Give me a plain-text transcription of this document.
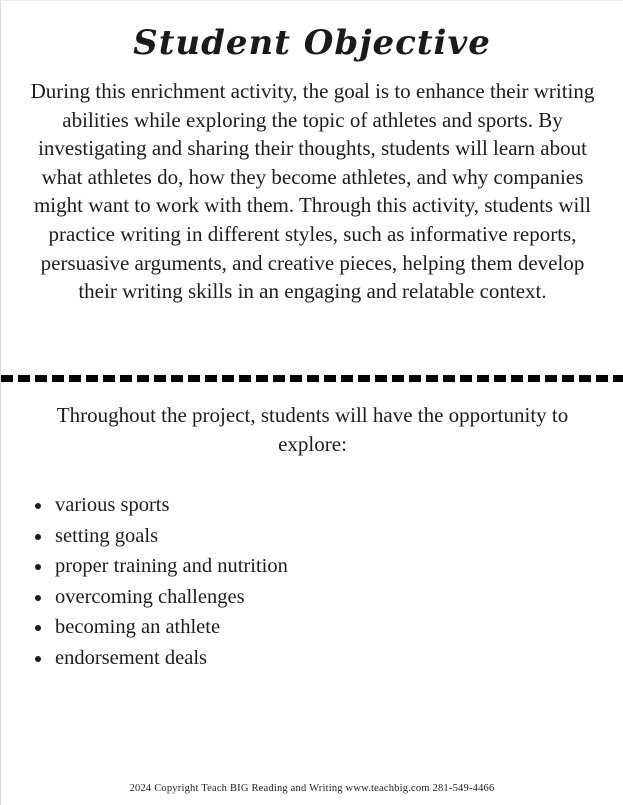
Student Objective
During this enrichment activity, the goal is to enhance their writing abilities while exploring the topic of athletes and sports. By investigating and sharing their thoughts, students will learn about what athletes do, how they become athletes, and why companies might want to work with them. Through this activity, students will practice writing in different styles, such as informative reports, persuasive arguments, and creative pieces, helping them develop their writing skills in an engaging and relatable context.
Throughout the project, students will have the opportunity to explore:
• various sports
• setting goals
• proper training and nutrition
• overcoming challenges
• becoming an athlete
• endorsement deals
2024 Copyright Teach BIG Reading and Writing www.teachbig.com 281-549-4466
